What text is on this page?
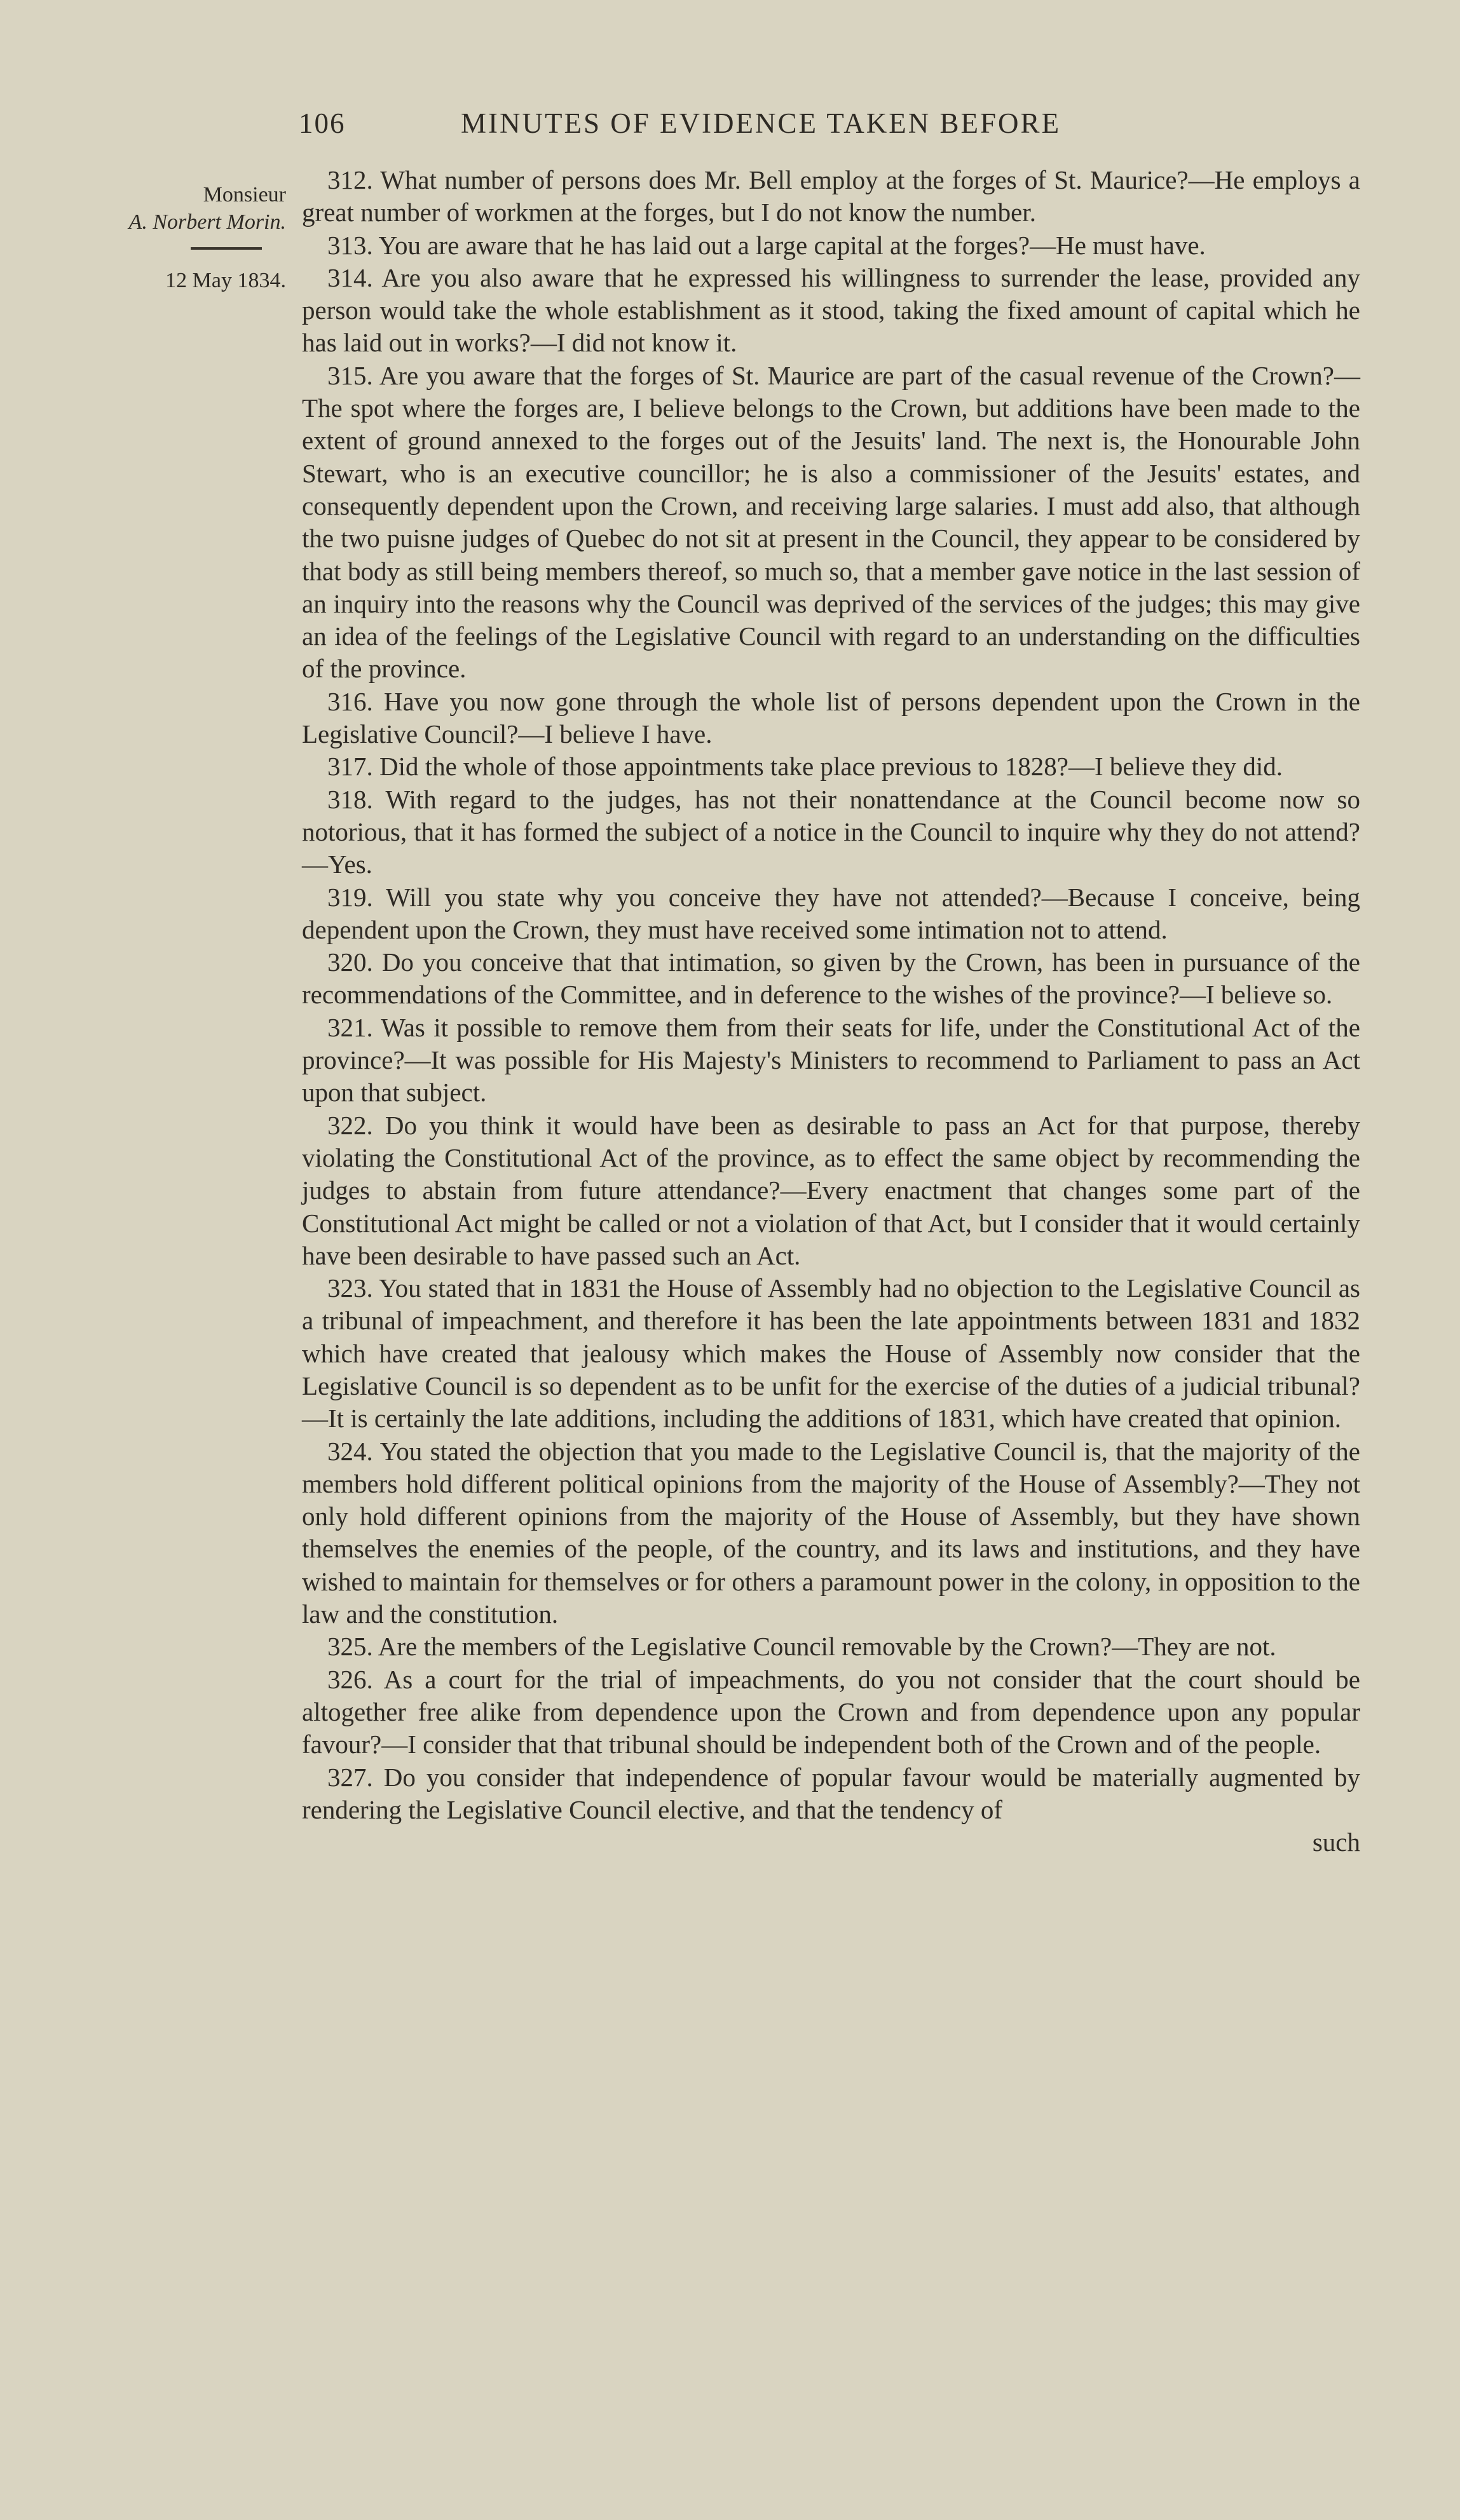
106	MINUTES OF EVIDENCE TAKEN BEFORE
Monsieur
A. Norbert Morin.
12 May 1834.

312. What number of persons does Mr. Bell employ at the forges of St. Maurice?—He employs a great number of workmen at the forges, but I do not know the number.

313. You are aware that he has laid out a large capital at the forges?—He must have.

314. Are you also aware that he expressed his willingness to surrender the lease, provided any person would take the whole establishment as it stood, taking the fixed amount of capital which he has laid out in works?—I did not know it.

315. Are you aware that the forges of St. Maurice are part of the casual revenue of the Crown?—The spot where the forges are, I believe belongs to the Crown, but additions have been made to the extent of ground annexed to the forges out of the Jesuits' land. The next is, the Honourable John Stewart, who is an executive councillor; he is also a commissioner of the Jesuits' estates, and consequently dependent upon the Crown, and receiving large salaries. I must add also, that although the two puisne judges of Quebec do not sit at present in the Council, they appear to be considered by that body as still being members thereof, so much so, that a member gave notice in the last session of an inquiry into the reasons why the Council was deprived of the services of the judges; this may give an idea of the feelings of the Legislative Council with regard to an understanding on the difficulties of the province.

316. Have you now gone through the whole list of persons dependent upon the Crown in the Legislative Council?—I believe I have.

317. Did the whole of those appointments take place previous to 1828?—I believe they did.

318. With regard to the judges, has not their nonattendance at the Council become now so notorious, that it has formed the subject of a notice in the Council to inquire why they do not attend?—Yes.

319. Will you state why you conceive they have not attended?—Because I conceive, being dependent upon the Crown, they must have received some intimation not to attend.

320. Do you conceive that that intimation, so given by the Crown, has been in pursuance of the recommendations of the Committee, and in deference to the wishes of the province?—I believe so.

321. Was it possible to remove them from their seats for life, under the Constitutional Act of the province?—It was possible for His Majesty's Ministers to recommend to Parliament to pass an Act upon that subject.

322. Do you think it would have been as desirable to pass an Act for that purpose, thereby violating the Constitutional Act of the province, as to effect the same object by recommending the judges to abstain from future attendance?—Every enactment that changes some part of the Constitutional Act might be called or not a violation of that Act, but I consider that it would certainly have been desirable to have passed such an Act.

323. You stated that in 1831 the House of Assembly had no objection to the Legislative Council as a tribunal of impeachment, and therefore it has been the late appointments between 1831 and 1832 which have created that jealousy which makes the House of Assembly now consider that the Legislative Council is so dependent as to be unfit for the exercise of the duties of a judicial tribunal?—It is certainly the late additions, including the additions of 1831, which have created that opinion.

324. You stated the objection that you made to the Legislative Council is, that the majority of the members hold different political opinions from the majority of the House of Assembly?—They not only hold different opinions from the majority of the House of Assembly, but they have shown themselves the enemies of the people, of the country, and its laws and institutions, and they have wished to maintain for themselves or for others a paramount power in the colony, in opposition to the law and the constitution.

325. Are the members of the Legislative Council removable by the Crown?—They are not.

326. As a court for the trial of impeachments, do you not consider that the court should be altogether free alike from dependence upon the Crown and from dependence upon any popular favour?—I consider that that tribunal should be independent both of the Crown and of the people.

327. Do you consider that independence of popular favour would be materially augmented by rendering the Legislative Council elective, and that the tendency of

such
